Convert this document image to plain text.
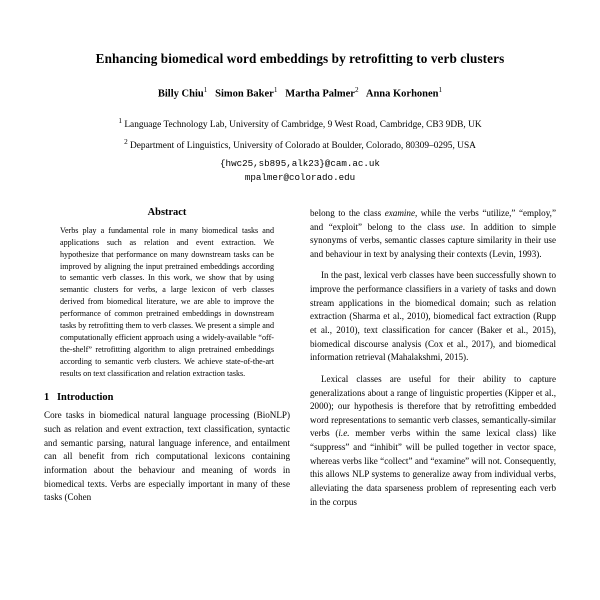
Enhancing biomedical word embeddings by retrofitting to verb clusters
Billy Chiu$^1$ Simon Baker$^1$ Martha Palmer$^2$ Anna Korhonen$^1$
$^1$ Language Technology Lab, University of Cambridge, 9 West Road, Cambridge, CB3 9DB, UK
$^2$ Department of Linguistics, University of Colorado at Boulder, Colorado, 80309–0295, USA
{hwc25,sb895,alk23}@cam.ac.uk
mpalmer@colorado.edu
Abstract
Verbs play a fundamental role in many biomedical tasks and applications such as relation and event extraction. We hypothesize that performance on many downstream tasks can be improved by aligning the input pretrained embeddings according to semantic verb classes. In this work, we show that by using semantic clusters for verbs, a large lexicon of verb classes derived from biomedical literature, we are able to improve the performance of common pretrained embeddings in downstream tasks by retrofitting them to verb classes. We present a simple and computationally efficient approach using a widely-available “off-the-shelf” retrofitting algorithm to align pretrained embeddings according to semantic verb clusters. We achieve state-of-the-art results on text classification and relation extraction tasks.
1 Introduction

Core tasks in biomedical natural language processing (BioNLP) such as relation and event extraction, text classification, syntactic and semantic parsing, natural language inference, and entailment can all benefit from rich computational lexicons containing information about the behaviour and meaning of words in biomedical texts. Verbs are especially important in many of these tasks (Cohen

belong to the class examine, while the verbs “utilize,” “employ,” and “exploit” belong to the class use. In addition to simple synonyms of verbs, semantic classes capture similarity in their use and behaviour in text by analysing their contexts (Levin, 1993).

In the past, lexical verb classes have been successfully shown to improve the performance classifiers in a variety of tasks and down stream applications in the biomedical domain; such as relation extraction (Sharma et al., 2010), biomedical fact extraction (Rupp et al., 2010), text classification for cancer (Baker et al., 2015), biomedical discourse analysis (Cox et al., 2017), and biomedical information retrieval (Mahalakshmi, 2015).

Lexical classes are useful for their ability to capture generalizations about a range of linguistic properties (Kipper et al., 2000); our hypothesis is therefore that by retrofitting embedded word representations to semantic verb classes, semantically-similar verbs (i.e. member verbs within the same lexical class) like “suppress” and “inhibit” will be pulled together in vector space, whereas verbs like “collect” and “examine” will not. Consequently, this allows NLP systems to generalize away from individual verbs, alleviating the data sparseness problem of representing each verb in the corpus
